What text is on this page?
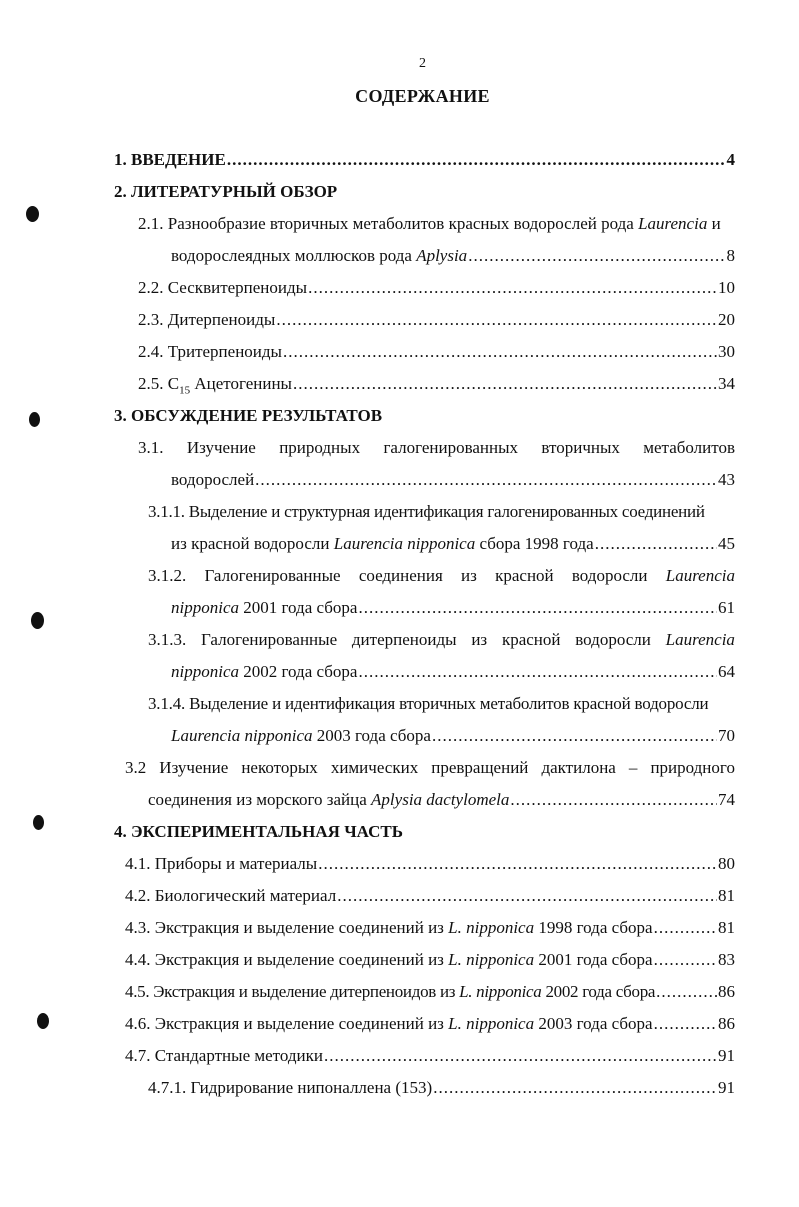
2
СОДЕРЖАНИЕ
1. ВВЕДЕНИЕ .....	4
2. ЛИТЕРАТУРНЫЙ ОБЗОР
2.1. Разнообразие вторичных метаболитов красных водорослей рода Laurencia и
водорослеядных моллюсков рода Aplysia .....	8
2.2. Сесквитерпеноиды .....	10
2.3. Дитерпеноиды .....	20
2.4. Тритерпеноиды .....	30
2.5. $C_{15}$ Ацетогенины .....	34
3. ОБСУЖДЕНИЕ РЕЗУЛЬТАТОВ
3.1. Изучение природных галогенированных вторичных метаболитов
водорослей .....	43
3.1.1. Выделение и структурная идентификация галогенированных соединений
из красной водоросли Laurencia nipponica сбора 1998 года .....	45
3.1.2. Галогенированные соединения из красной водоросли Laurencia
nipponica 2001 года сбора .....	61
3.1.3. Галогенированные дитерпеноиды из красной водоросли Laurencia
nipponica 2002 года сбора .....	64
3.1.4. Выделение и идентификация вторичных метаболитов красной водоросли
Laurencia nipponica 2003 года сбора .....	70
3.2 Изучение некоторых химических превращений дактилона – природного
соединения из морского зайца Aplysia dactylomela .....	74
4. ЭКСПЕРИМЕНТАЛЬНАЯ ЧАСТЬ
4.1. Приборы и материалы .....	80
4.2. Биологический материал .....	81
4.3. Экстракция и выделение соединений из L. nipponica 1998 года сбора .....	81
4.4. Экстракция и выделение соединений из L. nipponica 2001 года сбора .....	83
4.5. Экстракция и выделение дитерпеноидов из L. nipponica 2002 года сбора .....	86
4.6. Экстракция и выделение соединений из L. nipponica 2003 года сбора .....	86
4.7. Стандартные методики .....	91
4.7.1. Гидрирование нипоналлена (153) .....	91
